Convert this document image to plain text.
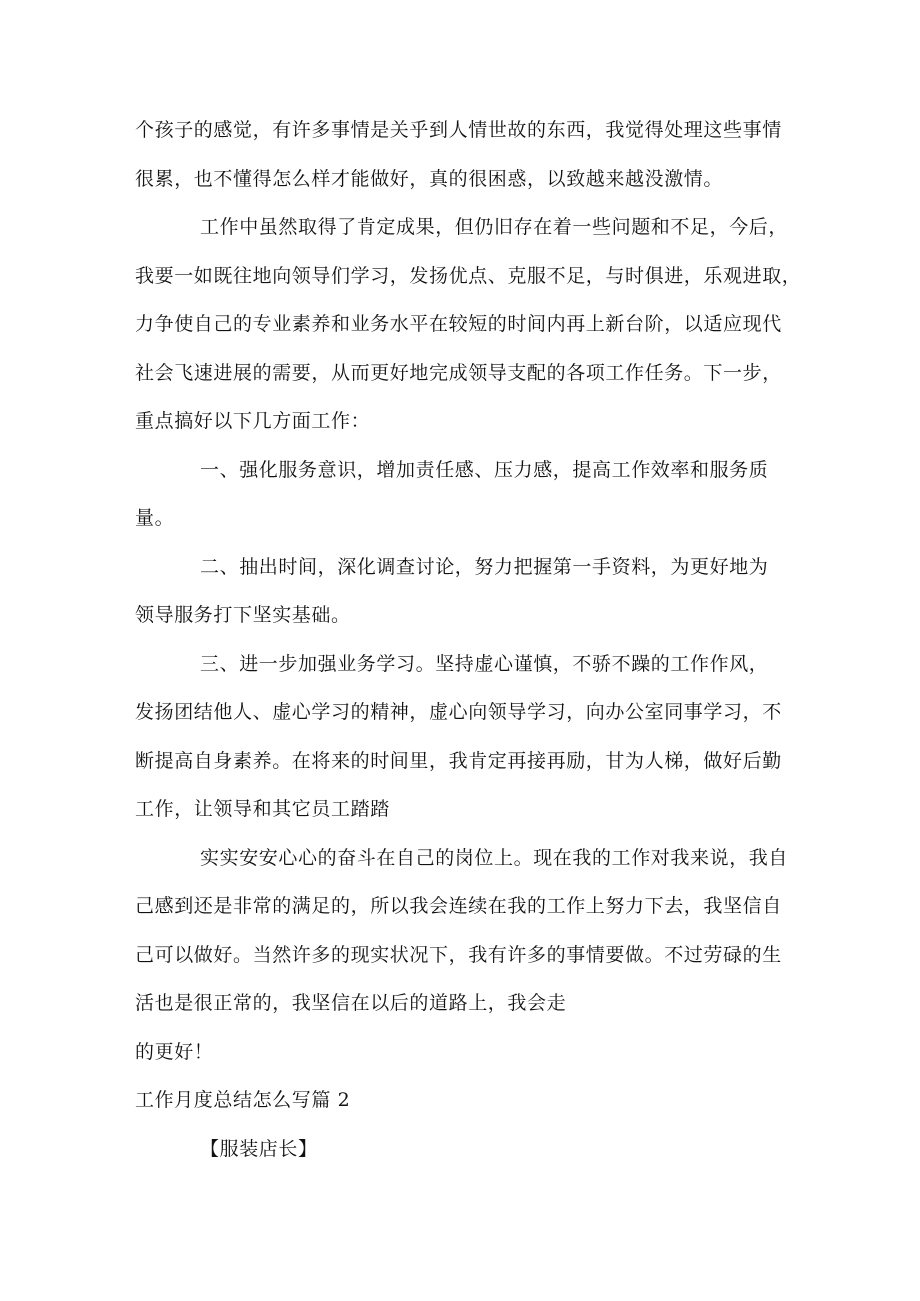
个孩子的感觉，有许多事情是关乎到人情世故的东西，我觉得处理这些事情
很累，也不懂得怎么样才能做好，真的很困惑，以致越来越没激情。
工作中虽然取得了肯定成果，但仍旧存在着一些问题和不足，今后，
我要一如既往地向领导们学习，发扬优点、克服不足，与时俱进，乐观进取，
力争使自己的专业素养和业务水平在较短的时间内再上新台阶，以适应现代
社会飞速进展的需要，从而更好地完成领导支配的各项工作任务。下一步，
重点搞好以下几方面工作：
一、强化服务意识，增加责任感、压力感，提高工作效率和服务质
量。
二、抽出时间，深化调查讨论，努力把握第一手资料，为更好地为
领导服务打下坚实基础。
三、进一步加强业务学习。坚持虚心谨慎，不骄不躁的工作作风，
发扬团结他人、虚心学习的精神，虚心向领导学习，向办公室同事学习，不
断提高自身素养。在将来的时间里，我肯定再接再励，甘为人梯，做好后勤
工作，让领导和其它员工踏踏
实实安安心心的奋斗在自己的岗位上。现在我的工作对我来说，我自
己感到还是非常的满足的，所以我会连续在我的工作上努力下去，我坚信自
己可以做好。当然许多的现实状况下，我有许多的事情要做。不过劳碌的生
活也是很正常的，我坚信在以后的道路上，我会走
的更好！
工作月度总结怎么写篇 2
【服装店长】
